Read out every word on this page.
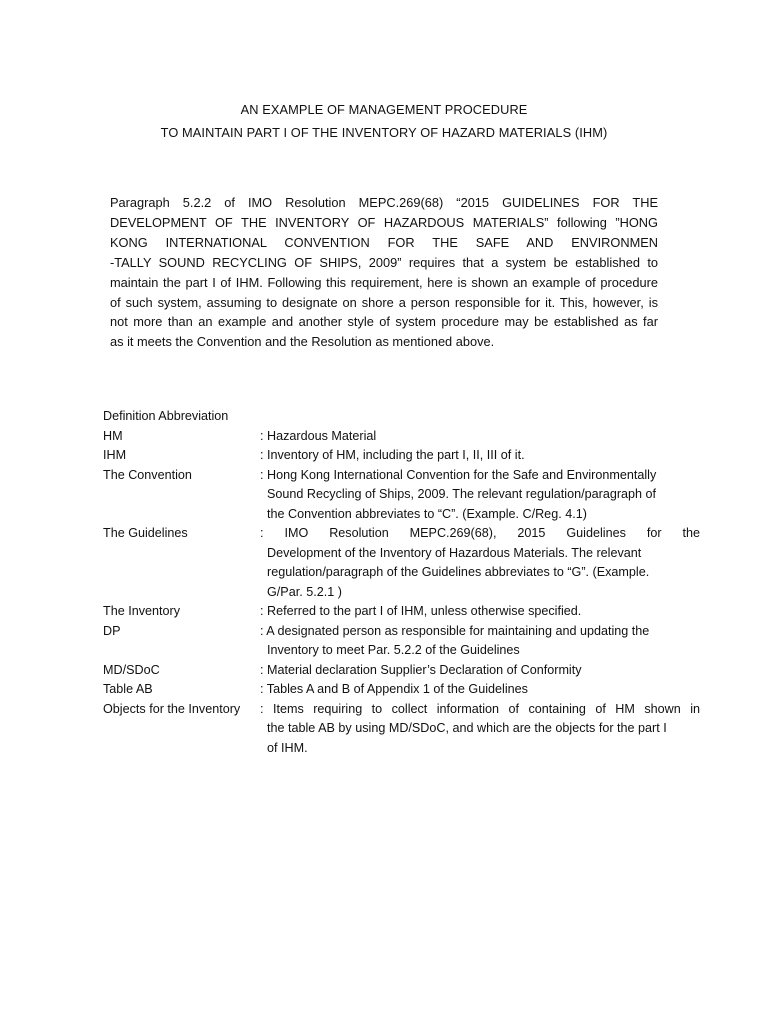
AN EXAMPLE OF MANAGEMENT PROCEDURE
TO MAINTAIN PART I OF THE INVENTORY OF HAZARD MATERIALS (IHM)
Paragraph 5.2.2 of IMO Resolution MEPC.269(68) “2015 GUIDELINES FOR THE
DEVELOPMENT OF THE INVENTORY OF HAZARDOUS MATERIALS” following ”HONG
KONG INTERNATIONAL CONVENTION FOR THE SAFE AND ENVIRONMEN
-TALLY SOUND RECYCLING OF SHIPS, 2009” requires that a system be established to
maintain the part I of IHM. Following this requirement, here is shown an example of procedure
of such system, assuming to designate on shore a person responsible for it. This, however, is
not more than an example and another style of system procedure may be established as far
as it meets the Convention and the Resolution as mentioned above.
Definition Abbreviation
HM	: Hazardous Material
IHM	: Inventory of HM, including the part I, II, III of it.
The Convention	: Hong Kong International Convention for the Safe and Environmentally
Sound Recycling of Ships, 2009. The relevant regulation/paragraph of
the Convention abbreviates to “C”. (Example. C/Reg. 4.1)
The Guidelines	: IMO Resolution MEPC.269(68), 2015 Guidelines for the
Development of the Inventory of Hazardous Materials. The relevant
regulation/paragraph of the Guidelines abbreviates to “G”. (Example.
G/Par. 5.2.1 )
The Inventory	: Referred to the part I of IHM, unless otherwise specified.
DP	: A designated person as responsible for maintaining and updating the
Inventory to meet Par. 5.2.2 of the Guidelines
MD/SDoC	: Material declaration Supplier’s Declaration of Conformity
Table AB	: Tables A and B of Appendix 1 of the Guidelines
Objects for the Inventory	: Items requiring to collect information of containing of HM shown in
the table AB by using MD/SDoC, and which are the objects for the part I
of IHM.
